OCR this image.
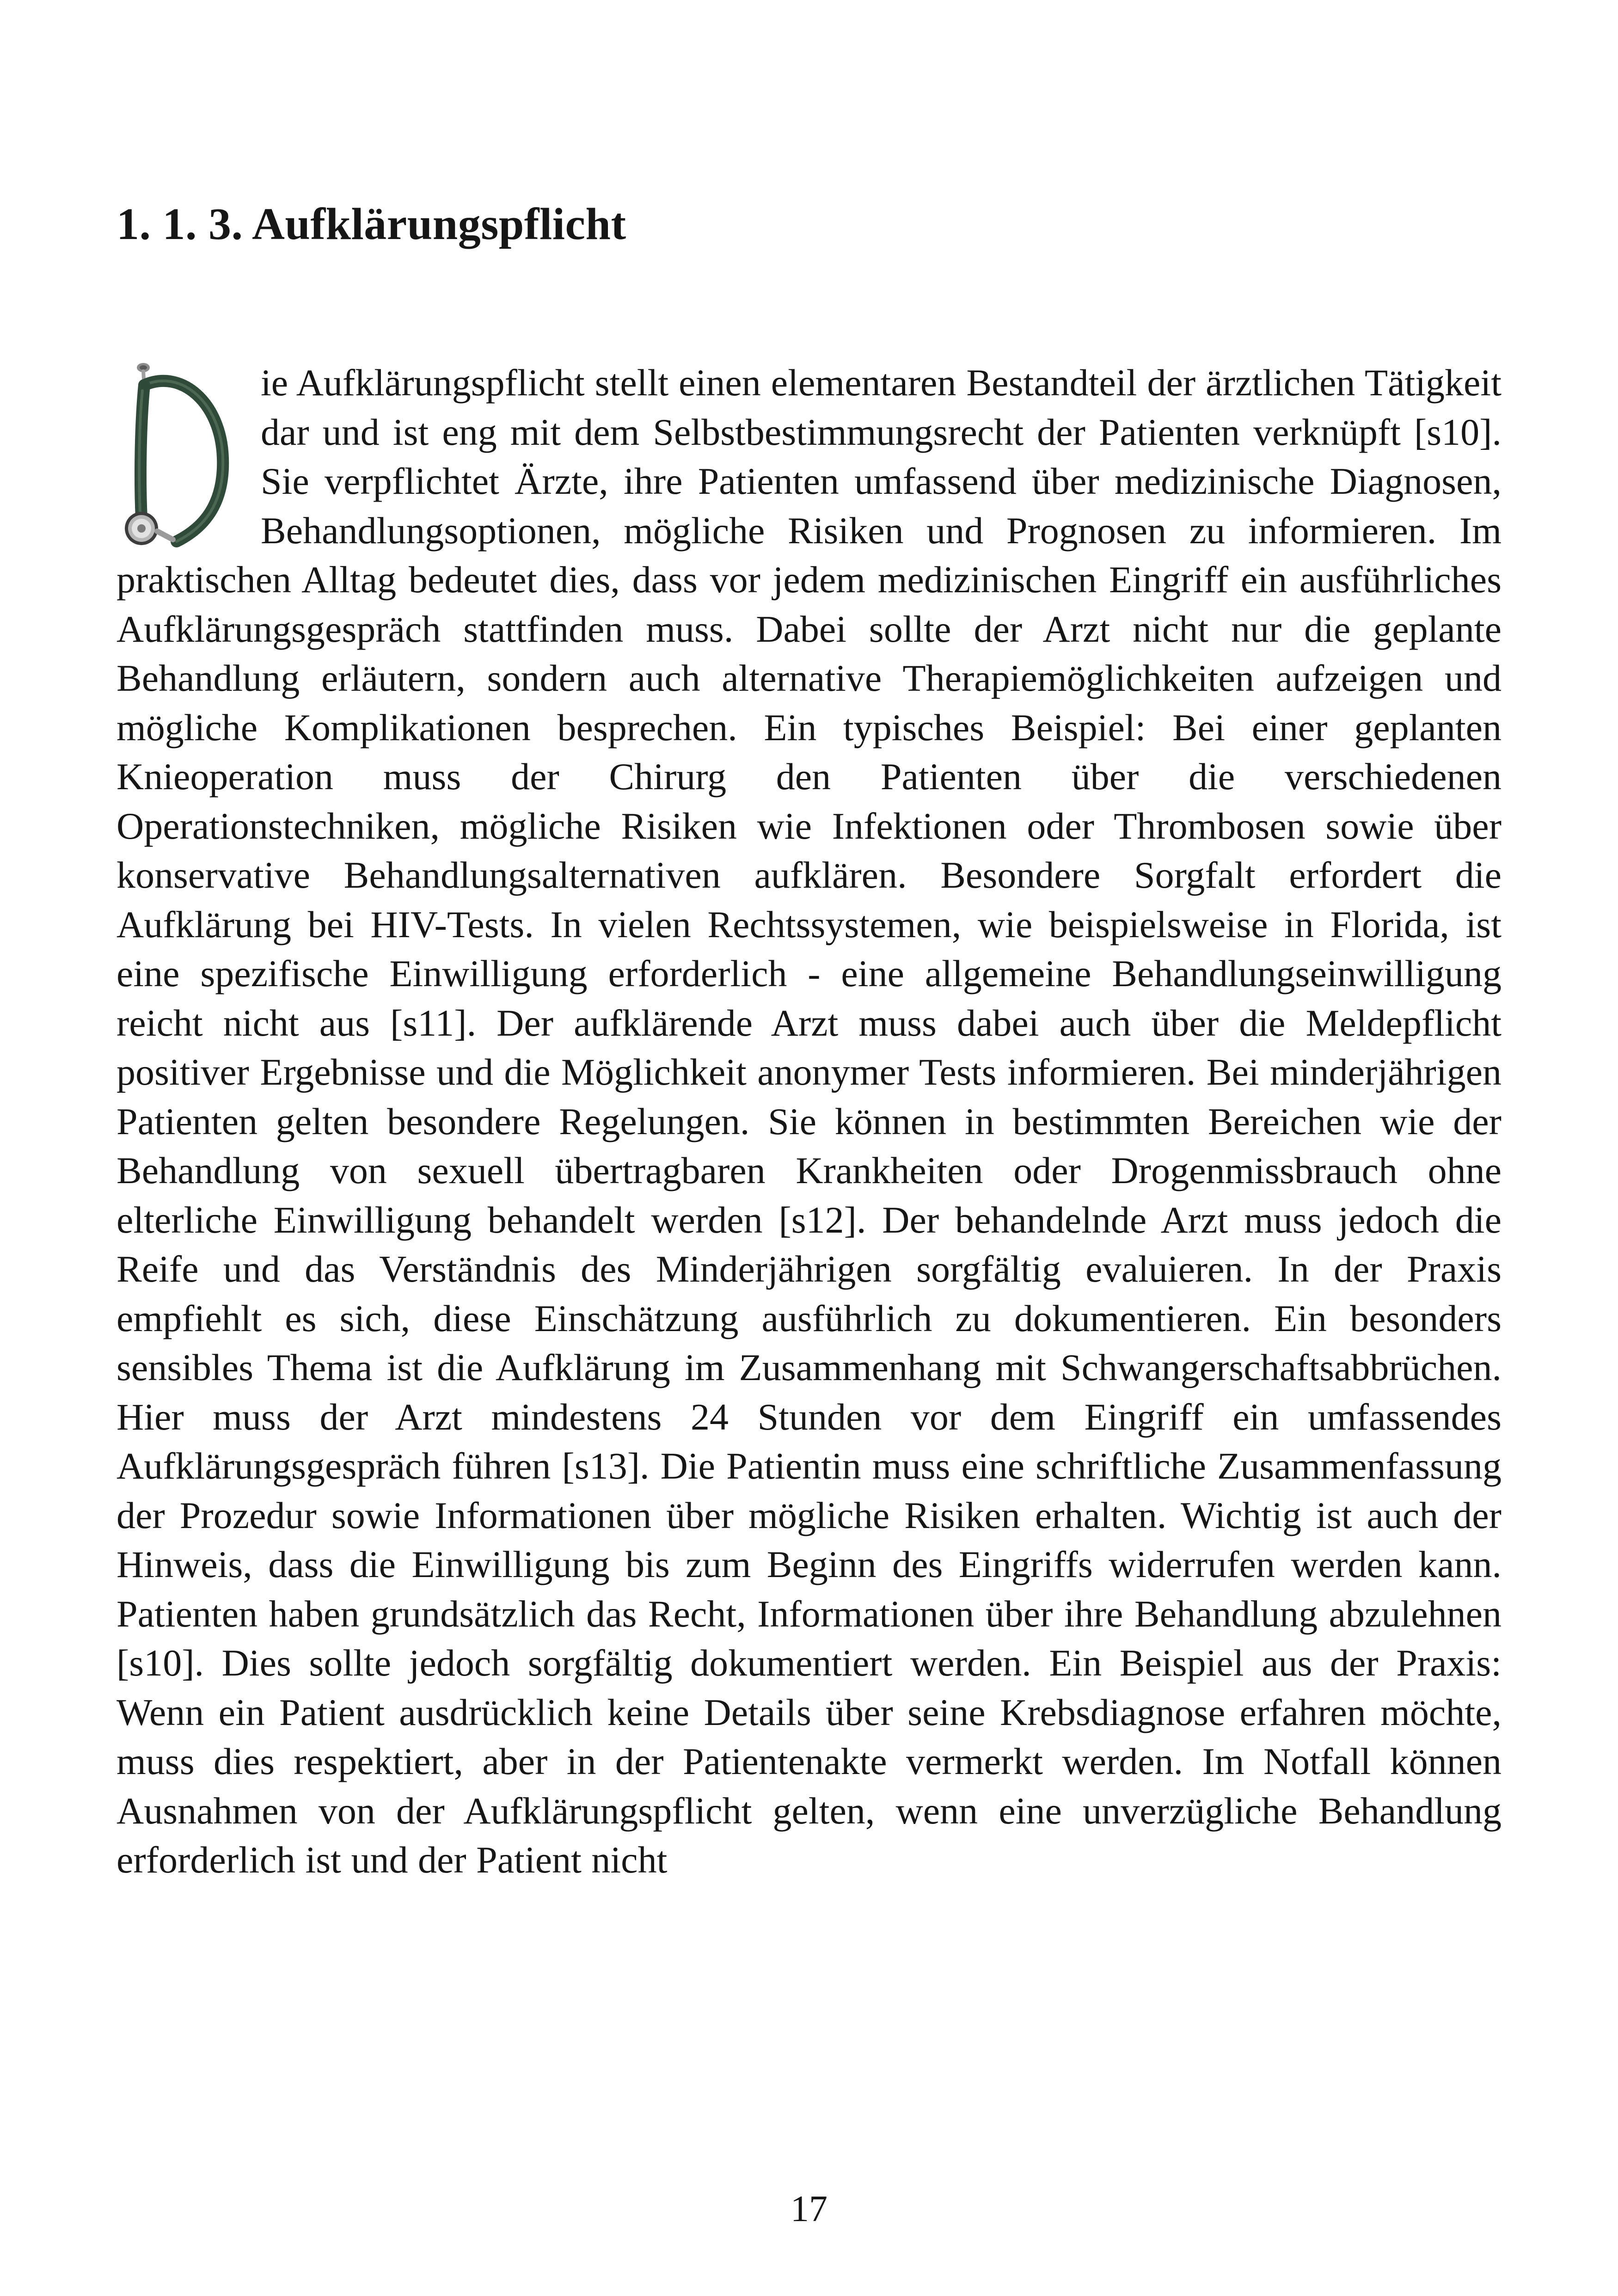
1. 1. 3. Aufklärungspflicht

ie Aufklärungspflicht stellt einen elementaren Bestandteil der ärztlichen Tätigkeit dar und ist eng mit dem Selbstbestimmungsrecht der Patienten verknüpft [s10]. Sie verpflichtet Ärzte, ihre Patienten umfassend über medizinische Diagnosen, Behandlungsoptionen, mögliche Risiken und Prognosen zu informieren. Im praktischen Alltag bedeutet dies, dass vor jedem medizinischen Eingriff ein ausführliches Aufklärungsgespräch stattfinden muss. Dabei sollte der Arzt nicht nur die geplante Behandlung erläutern, sondern auch alternative Therapiemöglichkeiten aufzeigen und mögliche Komplikationen besprechen. Ein typisches Beispiel: Bei einer geplanten Knieoperation muss der Chirurg den Patienten über die verschiedenen Operationstechniken, mögliche Risiken wie Infektionen oder Thrombosen sowie über konservative Behandlungsalternativen aufklären. Besondere Sorgfalt erfordert die Aufklärung bei HIV-Tests. In vielen Rechtssystemen, wie beispielsweise in Florida, ist eine spezifische Einwilligung erforderlich - eine allgemeine Behandlungseinwilligung reicht nicht aus [s11]. Der aufklärende Arzt muss dabei auch über die Meldepflicht positiver Ergebnisse und die Möglichkeit anonymer Tests informieren. Bei minderjährigen Patienten gelten besondere Regelungen. Sie können in bestimmten Bereichen wie der Behandlung von sexuell übertragbaren Krankheiten oder Drogenmissbrauch ohne elterliche Einwilligung behandelt werden [s12]. Der behandelnde Arzt muss jedoch die Reife und das Verständnis des Minderjährigen sorgfältig evaluieren. In der Praxis empfiehlt es sich, diese Einschätzung ausführlich zu dokumentieren. Ein besonders sensibles Thema ist die Aufklärung im Zusammenhang mit Schwangerschaftsabbrüchen. Hier muss der Arzt mindestens 24 Stunden vor dem Eingriff ein umfassendes Aufklärungsgespräch führen [s13]. Die Patientin muss eine schriftliche Zusammenfassung der Prozedur sowie Informationen über mögliche Risiken erhalten. Wichtig ist auch der Hinweis, dass die Einwilligung bis zum Beginn des Eingriffs widerrufen werden kann. Patienten haben grundsätzlich das Recht, Informationen über ihre Behandlung abzulehnen [s10]. Dies sollte jedoch sorgfältig dokumentiert werden. Ein Beispiel aus der Praxis: Wenn ein Patient ausdrücklich keine Details über seine Krebsdiagnose erfahren möchte, muss dies respektiert, aber in der Patientenakte vermerkt werden. Im Notfall können Ausnahmen von der Aufklärungspflicht gelten, wenn eine unverzügliche Behandlung erforderlich ist und der Patient nicht

17
